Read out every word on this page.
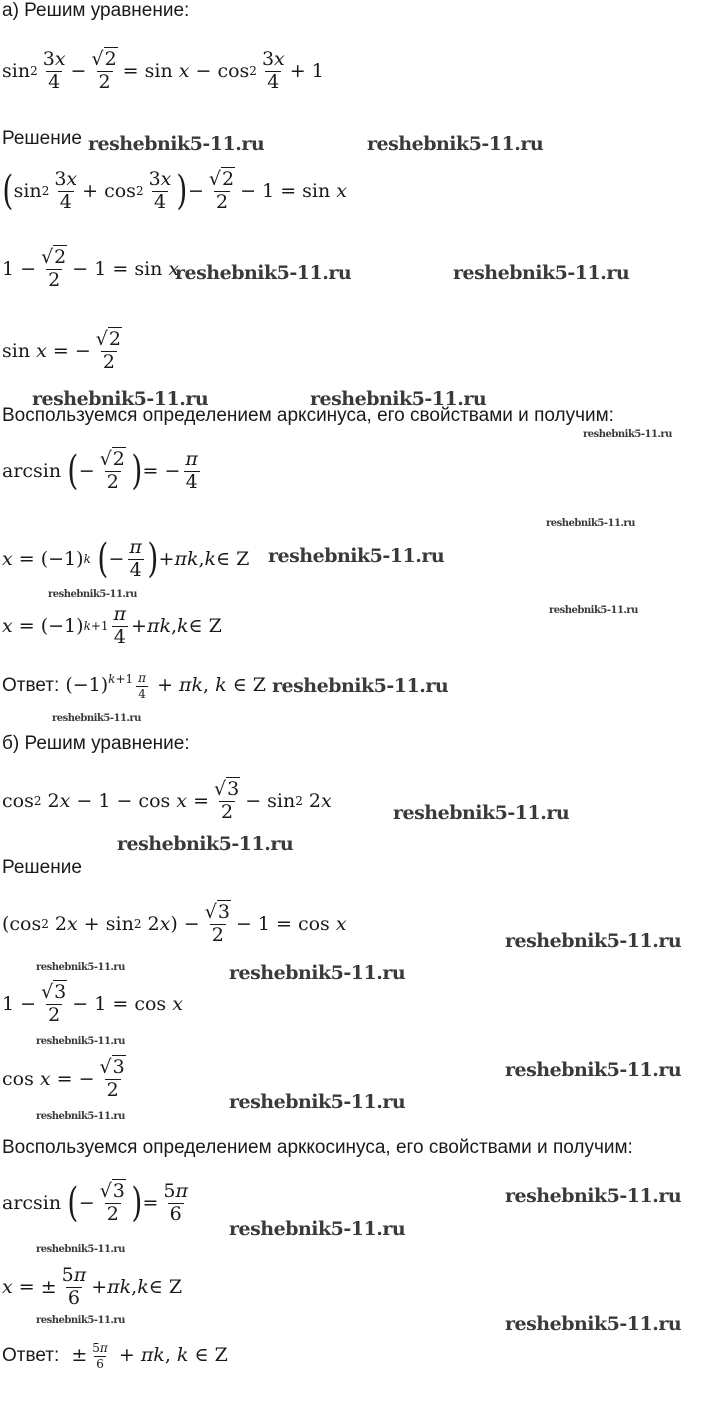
а) Решим уравнение:
$\sin 2 \frac{3x}{4} - \frac{√2}{2} = \sin x - \cos 2 \frac{3x}{4} + 1$
Решение
( $\sin 2 \frac{3x}{4} + \cos 2 \frac{3x}{4}$ ) − $\frac{√2}{2} - 1 = \sin x$
$1 - \frac{√2}{2} - 1 = \sin x$
sin x = − $\frac{√2}{2}$
Воспользуемся определением арксинуса, его свойствами и получим:
arcsin ( − $\frac{√2}{2}$ ) = − $\frac{\pi}{4}$
x = (−1) k
( − $\frac{\pi}{4}$ ) + πk , k ∈ Z
x = (−1) $k+1 \frac{\pi}{4} + \pi k$ , k ∈ Z
Ответ: $(-1)^{k+1} \frac{\pi}{4} + \pi k$, k ∈ Z
б) Решим уравнение:
cos 2 2 $x - 1 - \cos x = \frac{√3}{2} - \sin 2$ 2 x
Решение
(cos 2 2 x + sin 2 2 x ) − $\frac{√3}{2} - 1 = \cos x$
$1 - \frac{√3}{2} - 1 = \cos x$
cos x = − $\frac{√3}{2}$
Воспользуемся определением арккосинуса, его свойствами и получим:
arcsin ( − $\frac{√3}{2}$ ) = $\frac{5\pi}{6}$
x = ± $\frac{5\pi}{6} + \pi k$ , k ∈ Z
Ответ: ± $\frac{5\pi}{6} + \pi k$, k ∈ Z
reshebnik5-11.ru	reshebnik5-11.ru
reshebnik5-11.ru	reshebnik5-11.ru
reshebnik5-11.ru	reshebnik5-11.ru
reshebnik5-11.ru
reshebnik5-11.ru
reshebnik5-11.ru
reshebnik5-11.ru
reshebnik5-11.ru
reshebnik5-11.ru
reshebnik5-11.ru
reshebnik5-11.ru
reshebnik5-11.ru
reshebnik5-11.ru
reshebnik5-11.ru	reshebnik5-11.ru
reshebnik5-11.ru
reshebnik5-11.ru
reshebnik5-11.ru
reshebnik5-11.ru
reshebnik5-11.ru
reshebnik5-11.ru
reshebnik5-11.ru
reshebnik5-11.ru	reshebnik5-11.ru
